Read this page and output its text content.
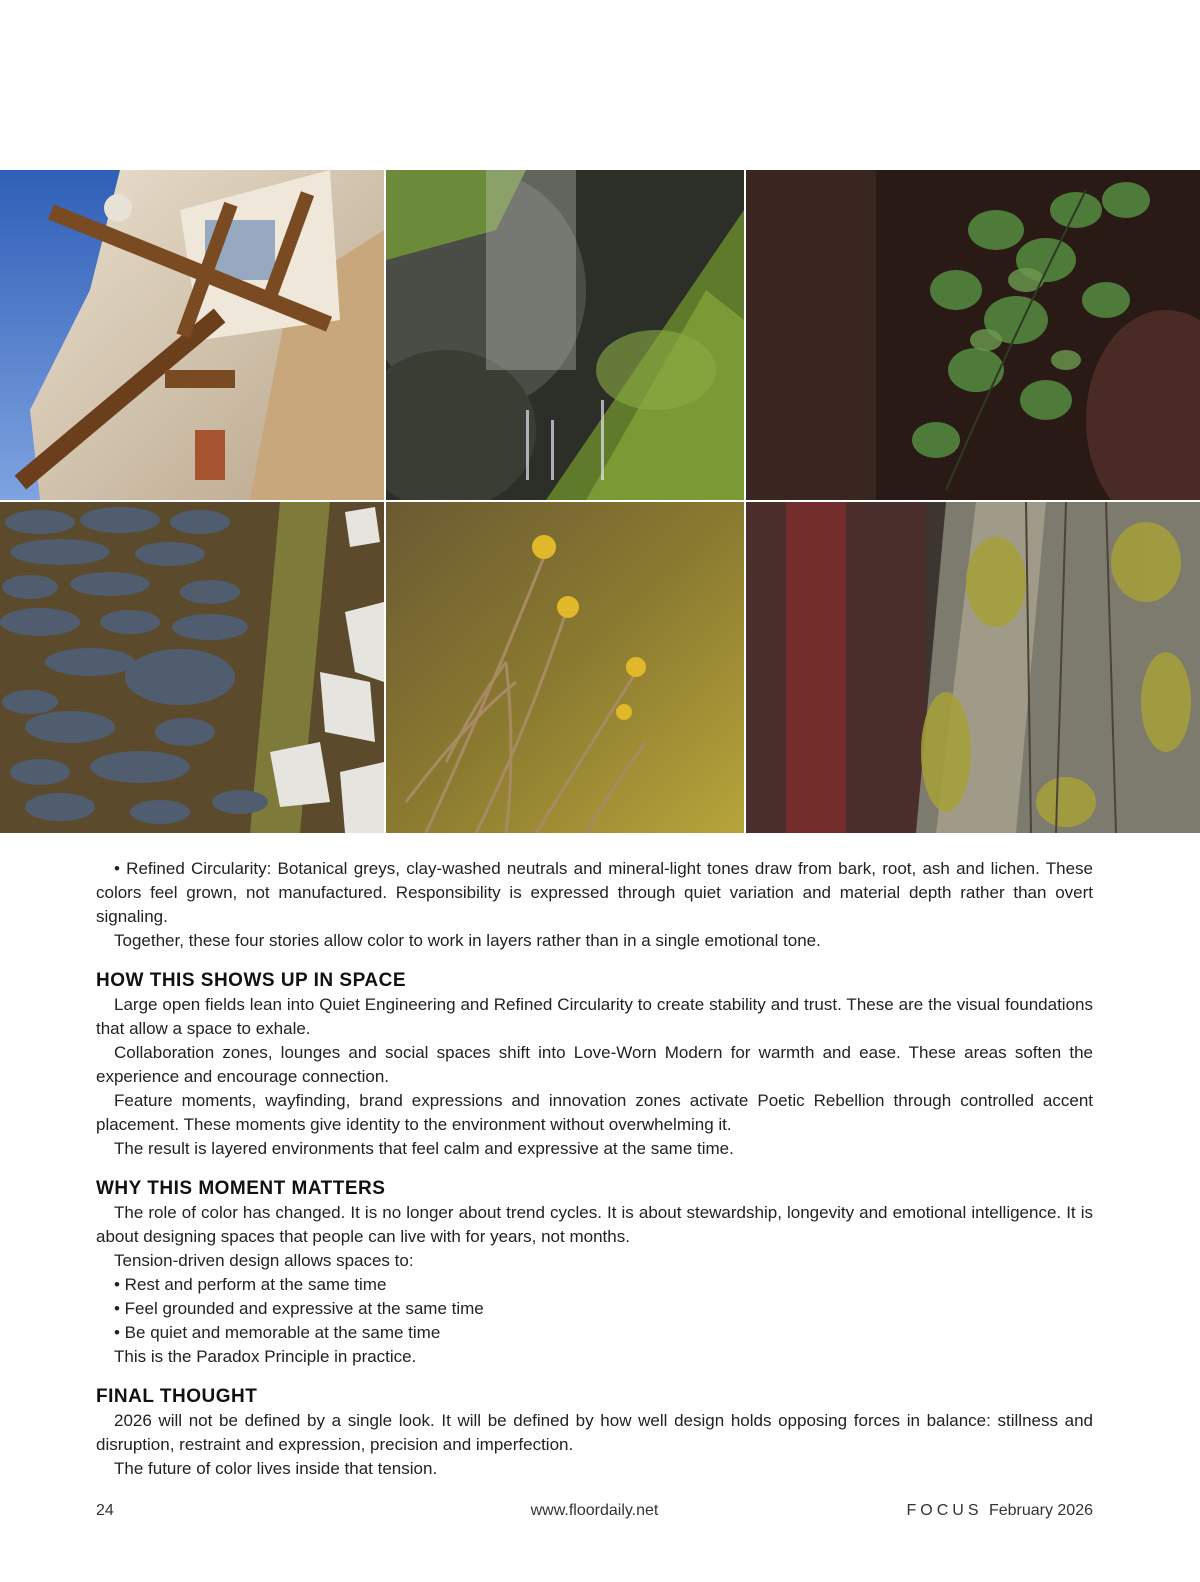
• Refined Circularity: Botanical greys, clay-washed neutrals and mineral-light tones draw from bark, root, ash and lichen. These colors feel grown, not manufactured. Responsibility is expressed through quiet variation and material depth rather than overt signaling.

Together, these four stories allow color to work in layers rather than in a single emotional tone.

HOW THIS SHOWS UP IN SPACE

Large open fields lean into Quiet Engineering and Refined Circularity to create stability and trust. These are the visual foundations that allow a space to exhale.

Collaboration zones, lounges and social spaces shift into Love-Worn Modern for warmth and ease. These areas soften the experience and encourage connection.

Feature moments, wayfinding, brand expressions and innovation zones activate Poetic Rebellion through controlled accent placement. These moments give identity to the environment without overwhelming it.

The result is layered environments that feel calm and expressive at the same time.

WHY THIS MOMENT MATTERS

The role of color has changed. It is no longer about trend cycles. It is about stewardship, longevity and emotional intelligence. It is about designing spaces that people can live with for years, not months.

Tension-driven design allows spaces to:

• Rest and perform at the same time

• Feel grounded and expressive at the same time

• Be quiet and memorable at the same time

This is the Paradox Principle in practice.

FINAL THOUGHT

2026 will not be defined by a single look. It will be defined by how well design holds opposing forces in balance: stillness and disruption, restraint and expression, precision and imperfection.

The future of color lives inside that tension.

24	www.floordaily.net	FOCUS February 2026
